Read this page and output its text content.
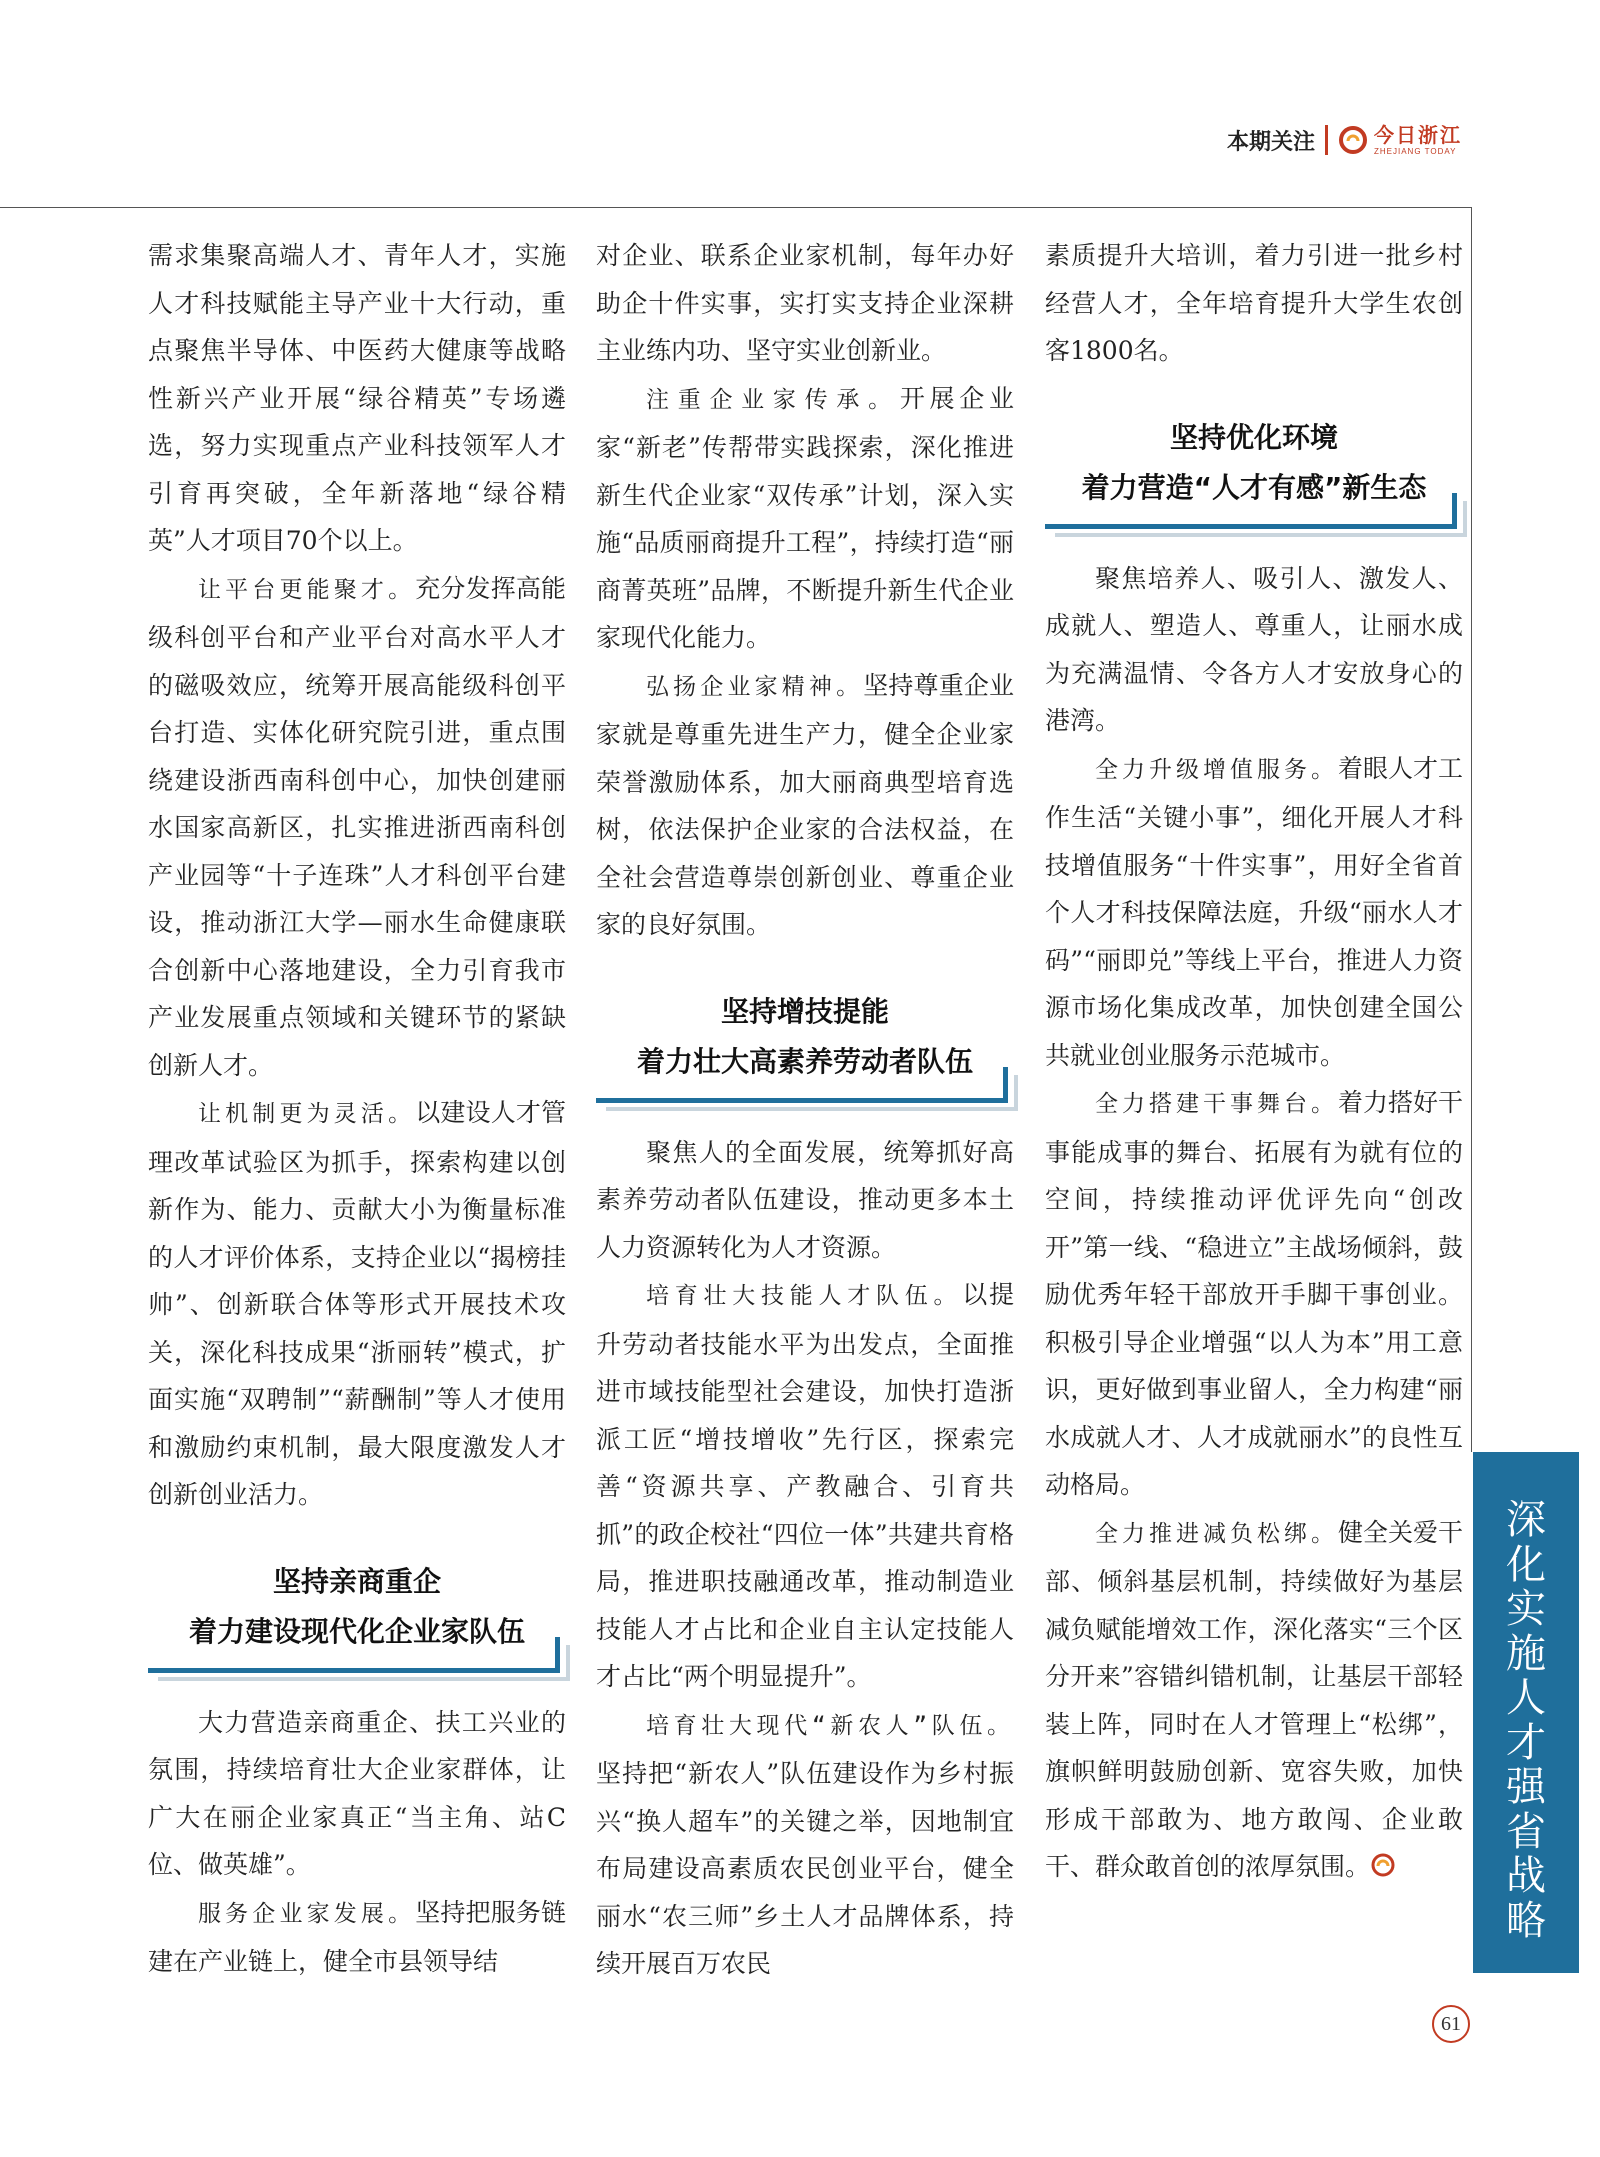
本期关注	今日浙江
ZHEJIANG TODAY

需求集聚高端人才、青年人才，实施人才科技赋能主导产业十大行动，重点聚焦半导体、中医药大健康等战略性新兴产业开展“绿谷精英”专场遴选，努力实现重点产业科技领军人才引育再突破，全年新落地“绿谷精英”人才项目70个以上。

让平台更能聚才。充分发挥高能级科创平台和产业平台对高水平人才的磁吸效应，统筹开展高能级科创平台打造、实体化研究院引进，重点围绕建设浙西南科创中心，加快创建丽水国家高新区，扎实推进浙西南科创产业园等“十子连珠”人才科创平台建设，推动浙江大学—丽水生命健康联合创新中心落地建设，全力引育我市产业发展重点领域和关键环节的紧缺创新人才。

让机制更为灵活。以建设人才管理改革试验区为抓手，探索构建以创新作为、能力、贡献大小为衡量标准的人才评价体系，支持企业以“揭榜挂帅”、创新联合体等形式开展技术攻关，深化科技成果“浙丽转”模式，扩面实施“双聘制”“薪酬制”等人才使用和激励约束机制，最大限度激发人才创新创业活力。

坚持亲商重企
着力建设现代化企业家队伍

大力营造亲商重企、扶工兴业的氛围，持续培育壮大企业家群体，让广大在丽企业家真正“当主角、站C位、做英雄”。

服务企业家发展。坚持把服务链建在产业链上，健全市县领导结

对企业、联系企业家机制，每年办好助企十件实事，实打实支持企业深耕主业练内功、坚守实业创新业。

注重企业家传承。开展企业家“新老”传帮带实践探索，深化推进新生代企业家“双传承”计划，深入实施“品质丽商提升工程”，持续打造“丽商菁英班”品牌，不断提升新生代企业家现代化能力。

弘扬企业家精神。坚持尊重企业家就是尊重先进生产力，健全企业家荣誉激励体系，加大丽商典型培育选树，依法保护企业家的合法权益，在全社会营造尊崇创新创业、尊重企业家的良好氛围。

坚持增技提能
着力壮大高素养劳动者队伍

聚焦人的全面发展，统筹抓好高素养劳动者队伍建设，推动更多本土人力资源转化为人才资源。

培育壮大技能人才队伍。以提升劳动者技能水平为出发点，全面推进市域技能型社会建设，加快打造浙派工匠“增技增收”先行区，探索完善“资源共享、产教融合、引育共抓”的政企校社“四位一体”共建共育格局，推进职技融通改革，推动制造业技能人才占比和企业自主认定技能人才占比“两个明显提升”。

培育壮大现代“新农人”队伍。坚持把“新农人”队伍建设作为乡村振兴“换人超车”的关键之举，因地制宜布局建设高素质农民创业平台，健全丽水“农三师”乡土人才品牌体系，持续开展百万农民

素质提升大培训，着力引进一批乡村经营人才，全年培育提升大学生农创客1800名。

坚持优化环境
着力营造“人才有感”新生态

聚焦培养人、吸引人、激发人、成就人、塑造人、尊重人，让丽水成为充满温情、令各方人才安放身心的港湾。

全力升级增值服务。着眼人才工作生活“关键小事”，细化开展人才科技增值服务“十件实事”，用好全省首个人才科技保障法庭，升级“丽水人才码”“丽即兑”等线上平台，推进人力资源市场化集成改革，加快创建全国公共就业创业服务示范城市。

全力搭建干事舞台。着力搭好干事能成事的舞台、拓展有为就有位的空间，持续推动评优评先向“创改开”第一线、“稳进立”主战场倾斜，鼓励优秀年轻干部放开手脚干事创业。积极引导企业增强“以人为本”用工意识，更好做到事业留人，全力构建“丽水成就人才、人才成就丽水”的良性互动格局。

全力推进减负松绑。健全关爱干部、倾斜基层机制，持续做好为基层减负赋能增效工作，深化落实“三个区分开来”容错纠错机制，让基层干部轻装上阵，同时在人才管理上“松绑”，旗帜鲜明鼓励创新、宽容失败，加快形成干部敢为、地方敢闯、企业敢干、群众敢首创的浓厚氛围。

深
化
实
施
人
才
强
省
战
略
61
